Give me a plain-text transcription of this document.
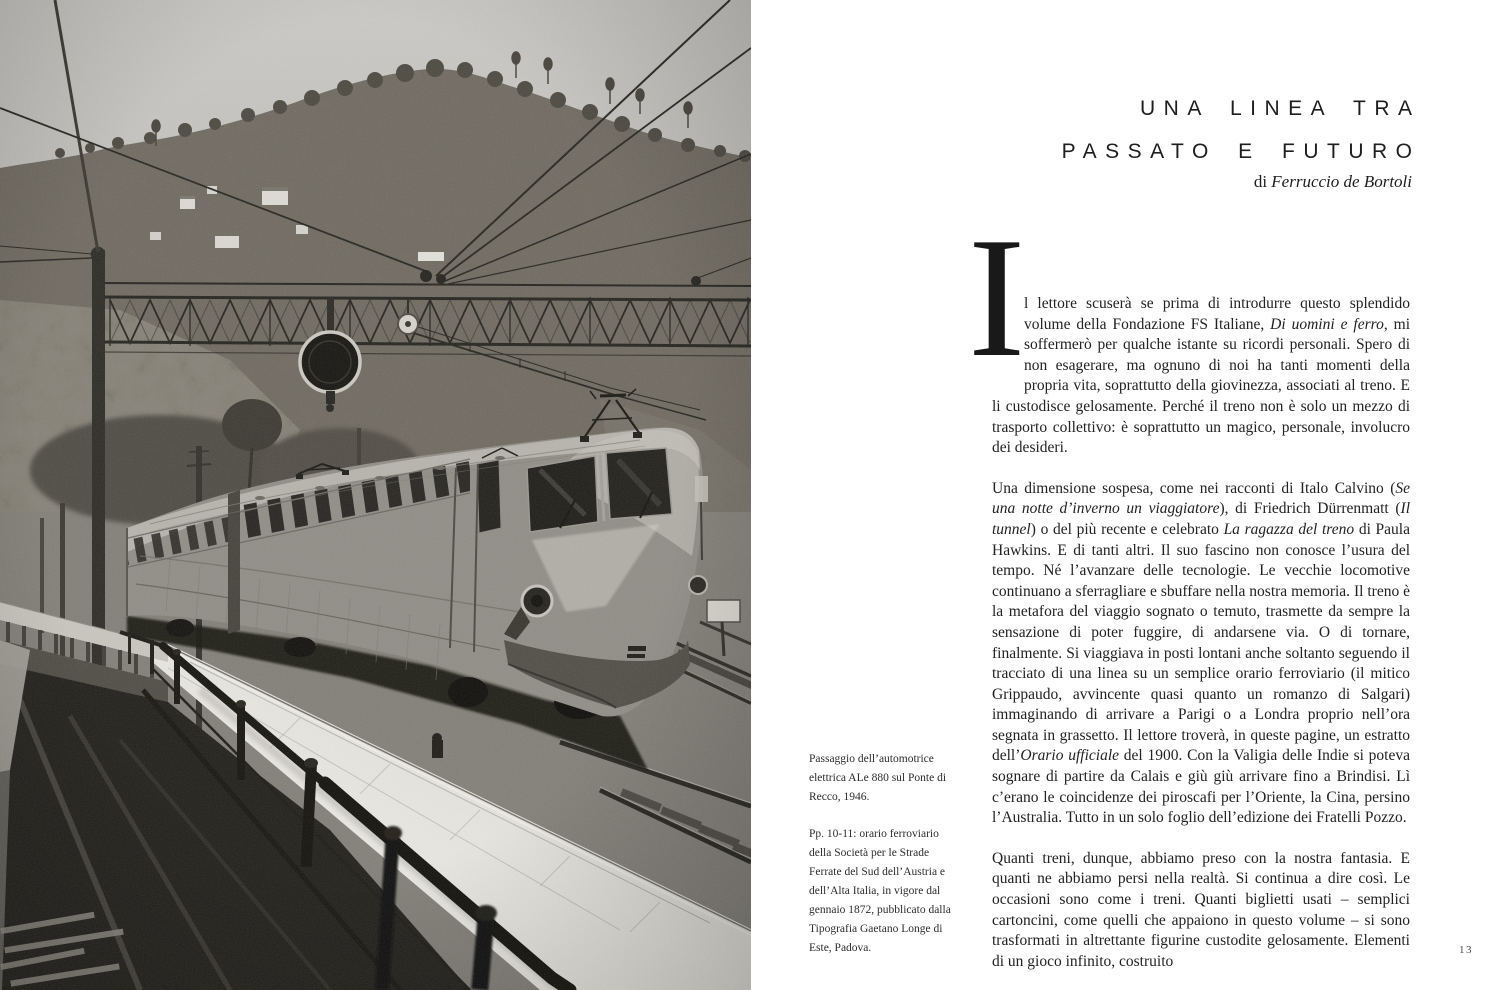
UNA LINEA TRA
PASSATO E FUTURO
di Ferruccio de Bortoli
I

l lettore scuserà se prima di introdurre questo splendido volume della Fondazione FS Italiane, Di uomini e ferro, mi soffermerò per qualche istante su ricordi personali. Spero di non esagerare, ma ognuno di noi ha tanti momenti della propria vita, soprattutto della giovinezza, associati al treno. E li custodisce gelosamente. Perché il treno non è solo un mezzo di trasporto collettivo: è soprattutto un magico, personale, involucro dei desideri.

Una dimensione sospesa, come nei racconti di Italo Calvino (Se una notte d’inverno un viaggiatore), di Friedrich Dürrenmatt (Il tunnel) o del più recente e celebrato La ragazza del treno di Paula Hawkins. E di tanti altri. Il suo fascino non conosce l’usura del tempo. Né l’avanzare delle tecnologie. Le vecchie locomotive continuano a sferragliare e sbuffare nella nostra memoria. Il treno è la metafora del viaggio sognato o temuto, trasmette da sempre la sensazione di poter fuggire, di andarsene via. O di tornare, finalmente. Si viaggiava in posti lontani anche soltanto seguendo il tracciato di una linea su un semplice orario ferroviario (il mitico Grippaudo, avvincente quasi quanto un romanzo di Salgari) immaginando di arrivare a Parigi o a Londra proprio nell’ora segnata in grassetto. Il lettore troverà, in queste pagine, un estratto dell’Orario ufficiale del 1900. Con la Valigia delle Indie si poteva sognare di partire da Calais e giù giù arrivare fino a Brindisi. Lì c’erano le coincidenze dei piroscafi per l’Oriente, la Cina, persino l’Australia. Tutto in un solo foglio dell’edizione dei Fratelli Pozzo.

Quanti treni, dunque, abbiamo preso con la nostra fantasia. E quanti ne abbiamo persi nella realtà. Si continua a dire così. Le occasioni sono come i treni. Quanti biglietti usati – semplici cartoncini, come quelli che appaiono in questo volume – si sono trasformati in altrettante figurine custodite gelosamente. Elementi di un gioco infinito, costruito

Passaggio dell’automotrice elettrica ALe 880 sul Ponte di Recco, 1946.

Pp. 10-11: orario ferroviario della Società per le Strade Ferrate del Sud dell’Austria e dell’Alta Italia, in vigore dal gennaio 1872, pubblicato dalla Tipografia Gaetano Longe di Este, Padova.	13
